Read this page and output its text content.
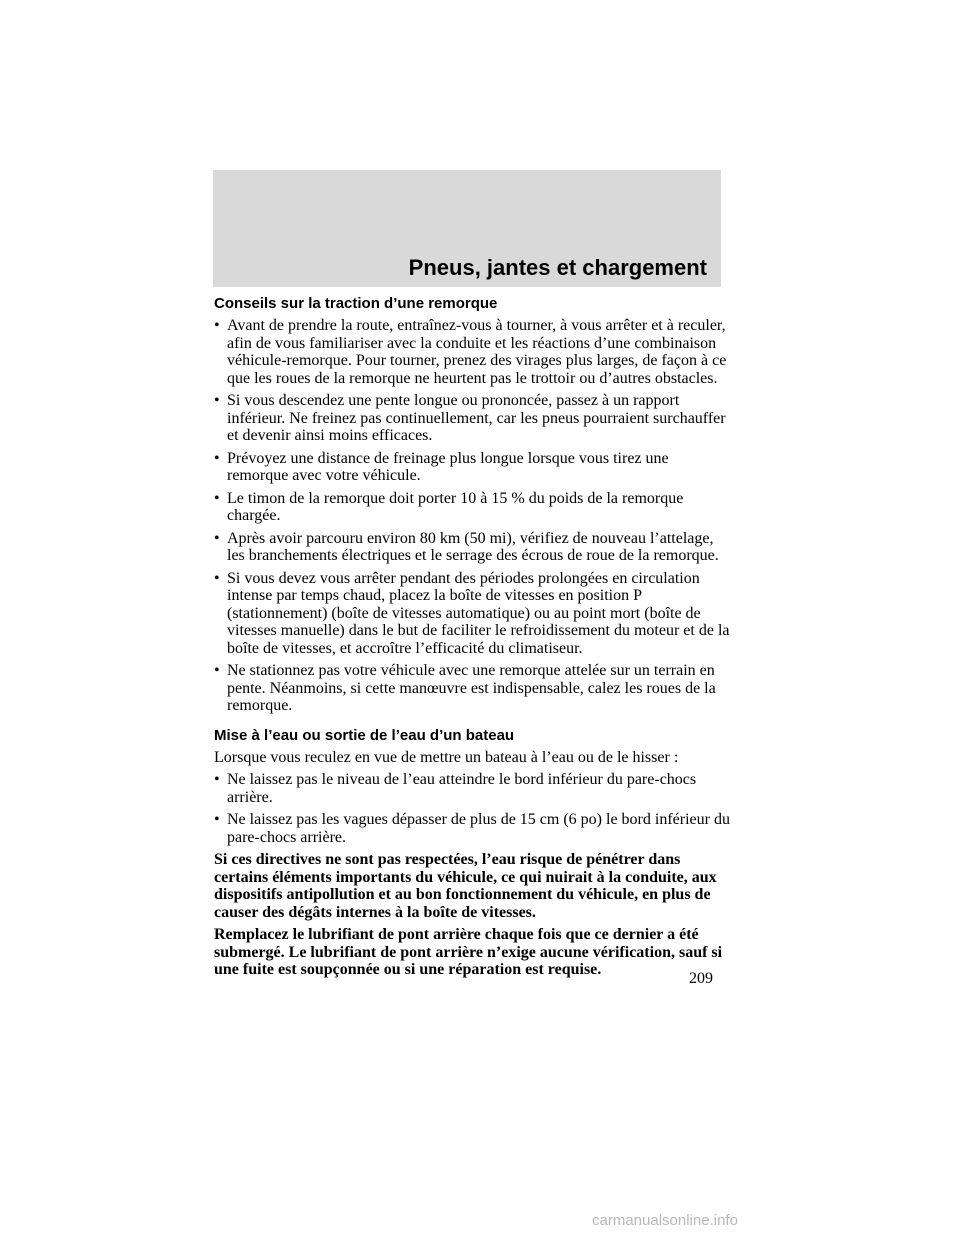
Pneus, jantes et chargement
Conseils sur la traction d’une remorque
• Avant de prendre la route, entraînez-vous à tourner, à vous arrêter et à reculer, afin de vous familiariser avec la conduite et les réactions d’une combinaison véhicule-remorque. Pour tourner, prenez des virages plus larges, de façon à ce que les roues de la remorque ne heurtent pas le trottoir ou d’autres obstacles.
• Si vous descendez une pente longue ou prononcée, passez à un rapport inférieur. Ne freinez pas continuellement, car les pneus pourraient surchauffer et devenir ainsi moins efficaces.
• Prévoyez une distance de freinage plus longue lorsque vous tirez une remorque avec votre véhicule.
• Le timon de la remorque doit porter 10 à 15 % du poids de la remorque chargée.
• Après avoir parcouru environ 80 km (50 mi), vérifiez de nouveau l’attelage, les branchements électriques et le serrage des écrous de roue de la remorque.
• Si vous devez vous arrêter pendant des périodes prolongées en circulation intense par temps chaud, placez la boîte de vitesses en position P (stationnement) (boîte de vitesses automatique) ou au point mort (boîte de vitesses manuelle) dans le but de faciliter le refroidissement du moteur et de la boîte de vitesses, et accroître l’efficacité du climatiseur.
• Ne stationnez pas votre véhicule avec une remorque attelée sur un terrain en pente. Néanmoins, si cette manœuvre est indispensable, calez les roues de la remorque.
Mise à l’eau ou sortie de l’eau d’un bateau

Lorsque vous reculez en vue de mettre un bateau à l’eau ou de le hisser :

• Ne laissez pas le niveau de l’eau atteindre le bord inférieur du pare-chocs arrière.
• Ne laissez pas les vagues dépasser de plus de 15 cm (6 po) le bord inférieur du pare-chocs arrière.

Si ces directives ne sont pas respectées, l’eau risque de pénétrer dans certains éléments importants du véhicule, ce qui nuirait à la conduite, aux dispositifs antipollution et au bon fonctionnement du véhicule, en plus de causer des dégâts internes à la boîte de vitesses.

Remplacez le lubrifiant de pont arrière chaque fois que ce dernier a été submergé. Le lubrifiant de pont arrière n’exige aucune vérification, sauf si une fuite est soupçonnée ou si une réparation est requise.

209
carmanualsonline.info
